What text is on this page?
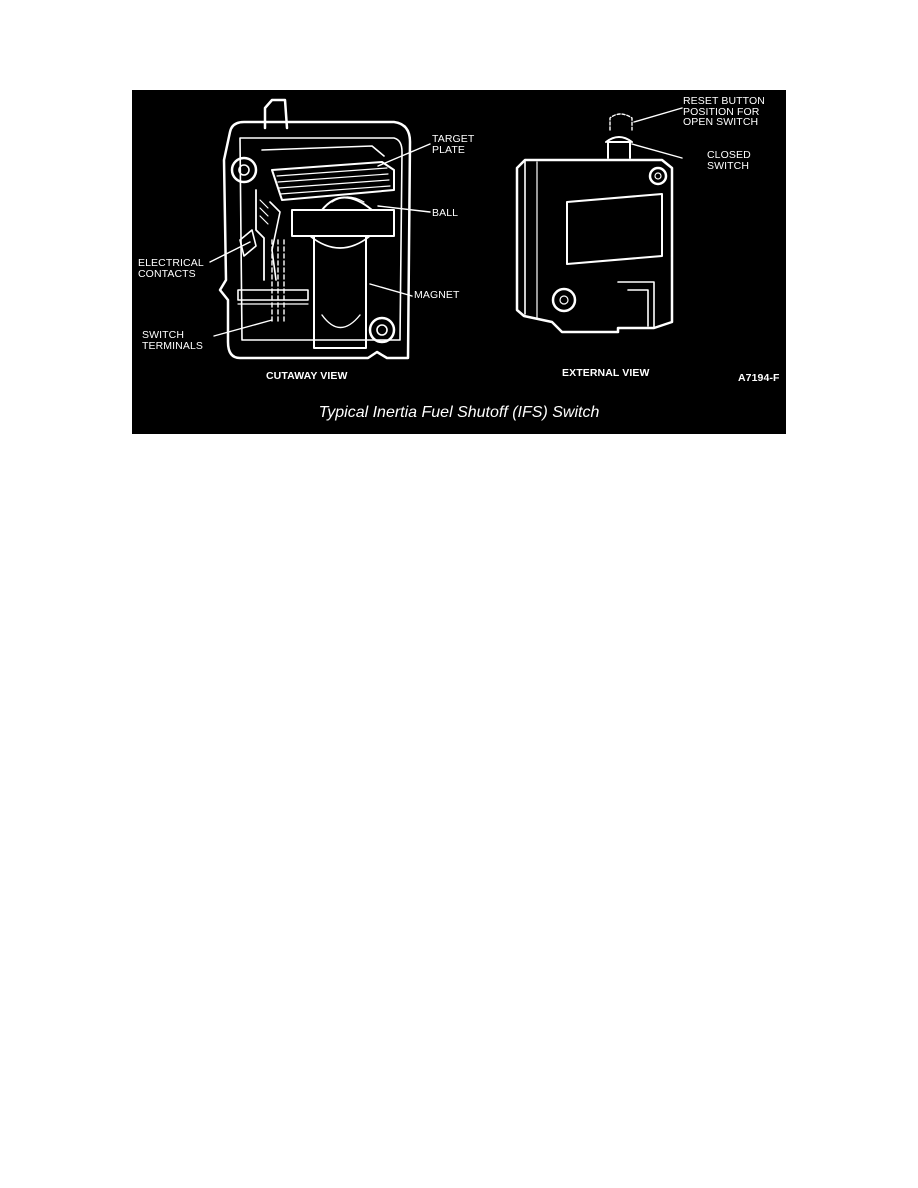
TARGET
PLATE
BALL
ELECTRICAL
CONTACTS
MAGNET
SWITCH
TERMINALS
RESET BUTTON
POSITION FOR
OPEN SWITCH
CLOSED
SWITCH
CUTAWAY VIEW	EXTERNAL VIEW	A7194-F
Typical Inertia Fuel Shutoff (IFS) Switch
